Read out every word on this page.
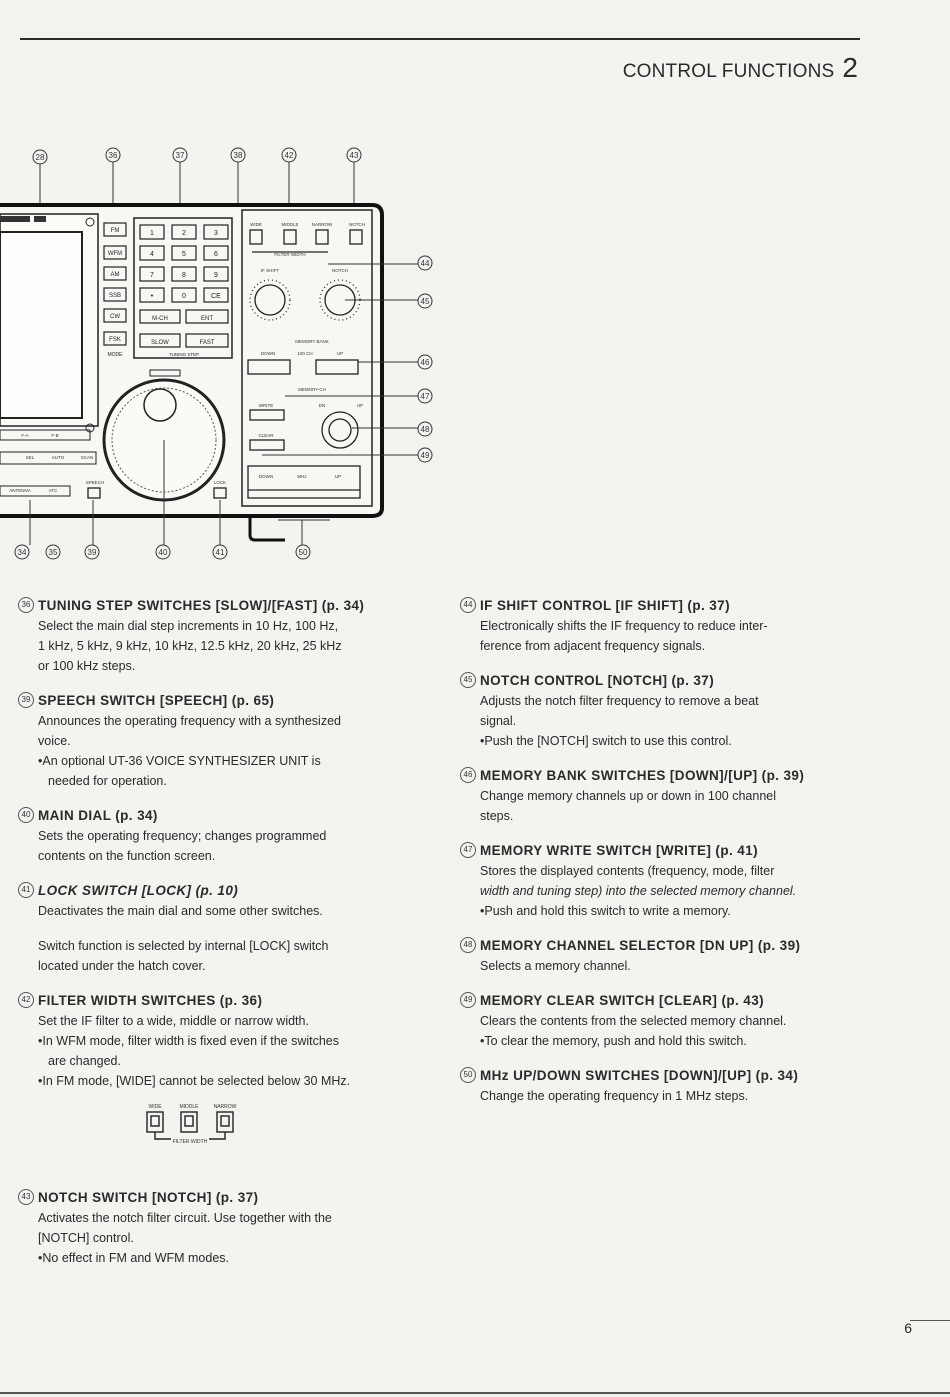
CONTROL FUNCTIONS 2
28	36	37	38	42	43
FM
WFM
AM
SSB
CW
FSK
MODE
1	2	3
4	5	6
7	8	9
•	0	CE
M-CH	ENT
SLOW	FAST
TUNING STEP
WIDE	MIDDLE	NARROW	NOTCH
FILTER WIDTH
IF SHIFT	NOTCH
MEMORY BANK
DOWN	100 CH	UP
MEMORY-CH
WRITE	DN	UP
CLEAR
DOWN	MHz	UP
SPEECH	LOCK
SCAN
F-A	F-B
SEL	AUTO
ATC
ANTENNA
44
45
46
47
48
49
34	35	39	40	41	50
36 TUNING STEP SWITCHES [SLOW]/[FAST] (p. 34)
Select the main dial step increments in 10 Hz, 100 Hz,
1 kHz, 5 kHz, 9 kHz, 10 kHz, 12.5 kHz, 20 kHz, 25 kHz
or 100 kHz steps.
39 SPEECH SWITCH [SPEECH] (p. 65)
Announces the operating frequency with a synthesized
voice.
•An optional UT-36 VOICE SYNTHESIZER UNIT is
needed for operation.
40 MAIN DIAL (p. 34)
Sets the operating frequency; changes programmed
contents on the function screen.
41 LOCK SWITCH [LOCK] (p. 10)
Deactivates the main dial and some other switches.
Switch function is selected by internal [LOCK] switch
located under the hatch cover.
42 FILTER WIDTH SWITCHES (p. 36)
Set the IF filter to a wide, middle or narrow width.
•In WFM mode, filter width is fixed even if the switches
are changed.
•In FM mode, [WIDE] cannot be selected below 30 MHz.
WIDE	MIDDLE	NARROW
FILTER WIDTH
43 NOTCH SWITCH [NOTCH] (p. 37)
Activates the notch filter circuit. Use together with the
[NOTCH] control.
•No effect in FM and WFM modes.
44 IF SHIFT CONTROL [IF SHIFT] (p. 37)
Electronically shifts the IF frequency to reduce inter-
ference from adjacent frequency signals.
45 NOTCH CONTROL [NOTCH] (p. 37)
Adjusts the notch filter frequency to remove a beat
signal.
•Push the [NOTCH] switch to use this control.
46 MEMORY BANK SWITCHES [DOWN]/[UP] (p. 39)
Change memory channels up or down in 100 channel
steps.
47 MEMORY WRITE SWITCH [WRITE] (p. 41)
Stores the displayed contents (frequency, mode, filter
width and tuning step) into the selected memory channel.
•Push and hold this switch to write a memory.
48 MEMORY CHANNEL SELECTOR [DN UP] (p. 39)
Selects a memory channel.
49 MEMORY CLEAR SWITCH [CLEAR] (p. 43)
Clears the contents from the selected memory channel.
•To clear the memory, push and hold this switch.
50 MHz UP/DOWN SWITCHES [DOWN]/[UP] (p. 34)
Change the operating frequency in 1 MHz steps.
6
